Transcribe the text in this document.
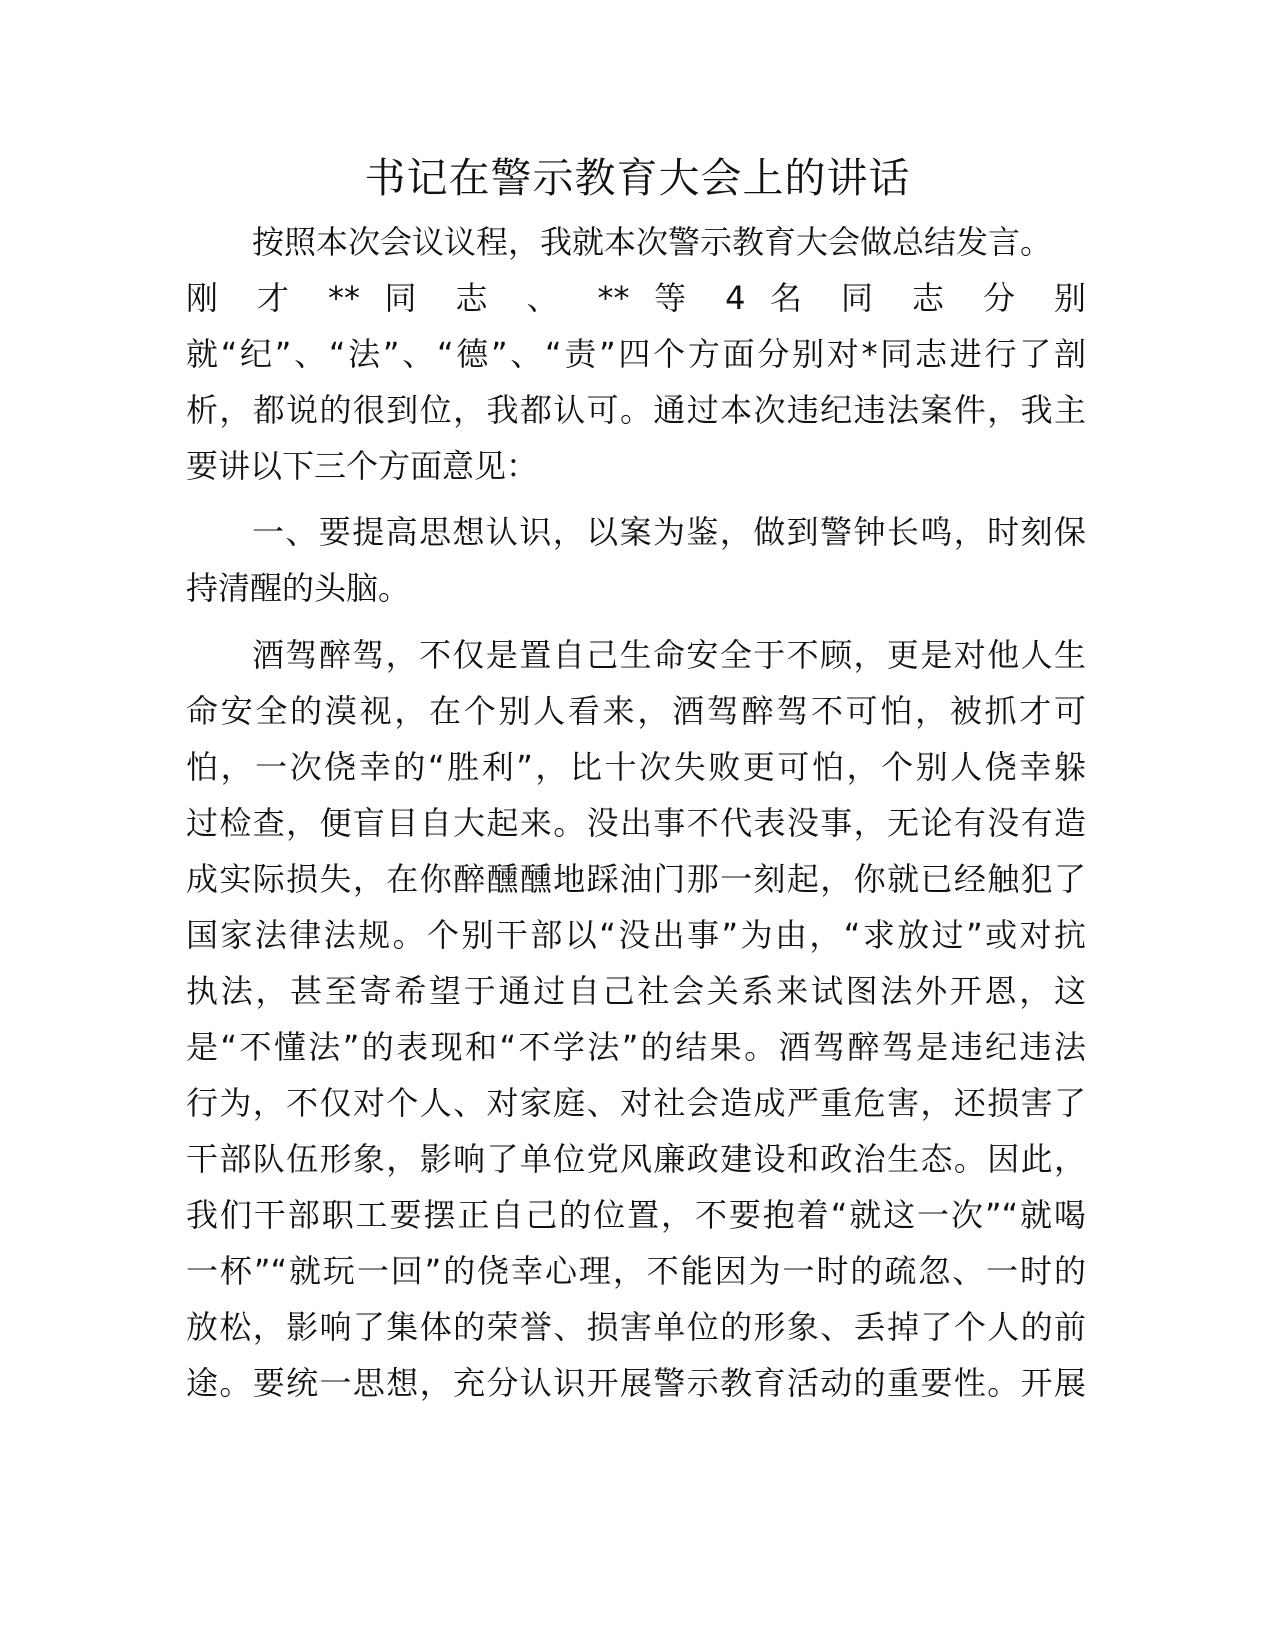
书记在警示教育大会上的讲话
按照本次会议议程，我就本次警示教育大会做总结发言。
刚 才 ** 同 志 、 ** 等 4 名 同 志 分 别
就“纪”、“法”、“德”、“责”四个方面分别对*同志进行了剖
析，都说的很到位，我都认可。通过本次违纪违法案件，我主
要讲以下三个方面意见：
一、要提高思想认识，以案为鉴，做到警钟长鸣，时刻保
持清醒的头脑。
酒驾醉驾，不仅是置自己生命安全于不顾，更是对他人生
命安全的漠视，在个别人看来，酒驾醉驾不可怕，被抓才可
怕，一次侥幸的“胜利”，比十次失败更可怕，个别人侥幸躲
过检查，便盲目自大起来。没出事不代表没事，无论有没有造
成实际损失，在你醉醺醺地踩油门那一刻起，你就已经触犯了
国家法律法规。个别干部以“没出事”为由，“求放过”或对抗
执法，甚至寄希望于通过自己社会关系来试图法外开恩，这
是“不懂法”的表现和“不学法”的结果。酒驾醉驾是违纪违法
行为，不仅对个人、对家庭、对社会造成严重危害，还损害了
干部队伍形象，影响了单位党风廉政建设和政治生态。因此，
我们干部职工要摆正自己的位置，不要抱着“就这一次”“就喝
一杯”“就玩一回”的侥幸心理，不能因为一时的疏忽、一时的
放松，影响了集体的荣誉、损害单位的形象、丢掉了个人的前
途。要统一思想，充分认识开展警示教育活动的重要性。开展
